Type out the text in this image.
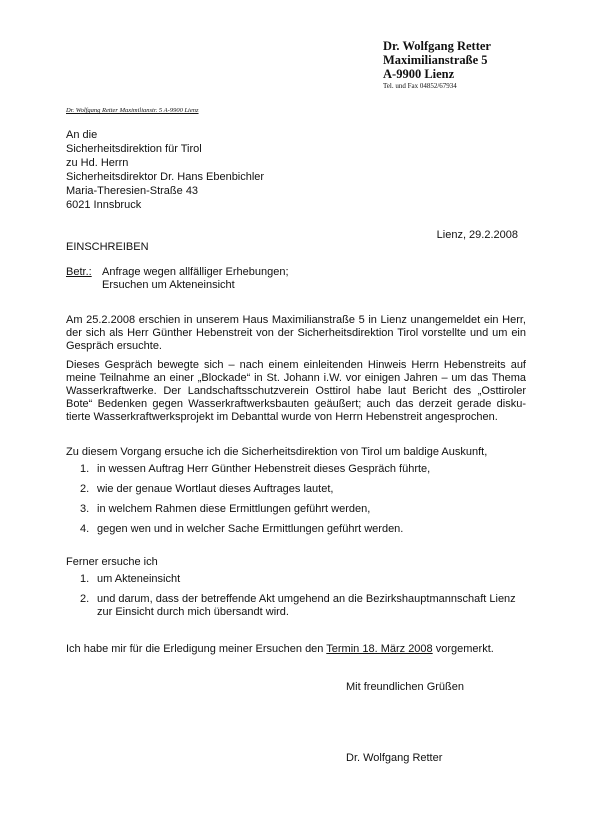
Dr. Wolfgang Retter
Maximilianstraße 5
A-9900 Lienz
Tel. und Fax 04852/67934
Dr. Wolfgang Retter Maximilianstr. 5 A-9900 Lienz
An die
Sicherheitsdirektion für Tirol
zu Hd. Herrn
Sicherheitsdirektor Dr. Hans Ebenbichler
Maria-Theresien-Straße 43
6021 Innsbruck
Lienz, 29.2.2008
EINSCHREIBEN
Betr.: Anfrage wegen allfälliger Erhebungen;
Ersuchen um Akteneinsicht
Am 25.2.2008 erschien in unserem Haus Maximilianstraße 5 in Lienz unangemeldet ein Herr, der sich als Herr Günther Hebenstreit von der Sicherheitsdirektion Tirol vorstellte und um ein Gespräch ersuchte.
Dieses Gespräch bewegte sich – nach einem einleitenden Hinweis Herrn Hebenstreits auf meine Teilnahme an einer „Blockade“ in St. Johann i.W. vor einigen Jahren – um das Thema Wasserkraftwerke. Der Landschaftsschutzverein Osttirol habe laut Bericht des „Osttiroler Bote“ Bedenken gegen Wasserkraftwerksbauten geäußert; auch das derzeit gerade diskutierte Wasserkraftwerksprojekt im Debanttal wurde von Herrn Hebenstreit angesprochen.
Zu diesem Vorgang ersuche ich die Sicherheitsdirektion von Tirol um baldige Auskunft,
1. in wessen Auftrag Herr Günther Hebenstreit dieses Gespräch führte,
2. wie der genaue Wortlaut dieses Auftrages lautet,
3. in welchem Rahmen diese Ermittlungen geführt werden,
4. gegen wen und in welcher Sache Ermittlungen geführt werden.
Ferner ersuche ich
1. um Akteneinsicht
2. und darum, dass der betreffende Akt umgehend an die Bezirkshauptmannschaft Lienz zur Einsicht durch mich übersandt wird.
Ich habe mir für die Erledigung meiner Ersuchen den Termin 18. März 2008 vorgemerkt.
Mit freundlichen Grüßen
Dr. Wolfgang Retter
